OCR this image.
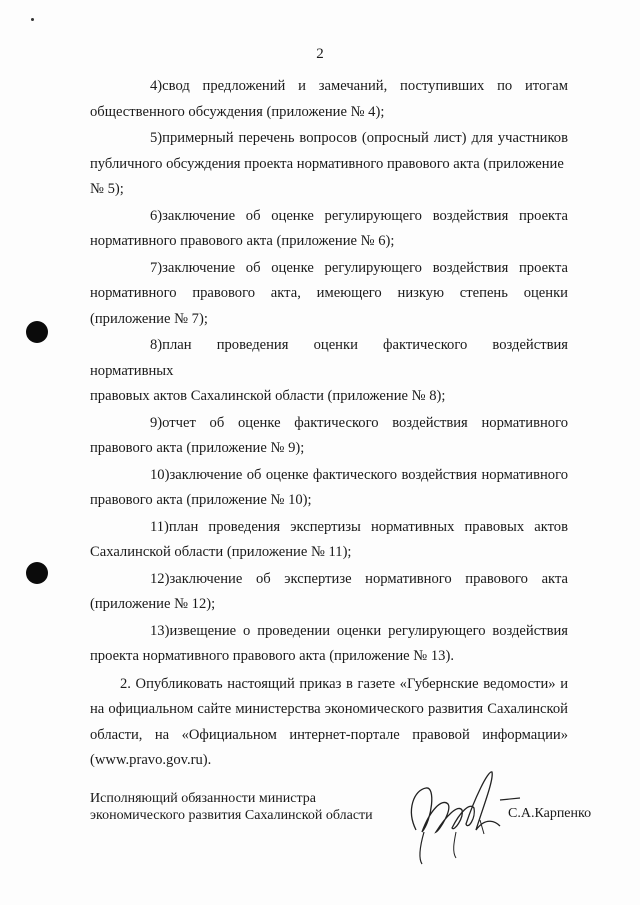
2
4)свод предложений и замечаний, поступивших по итогам
общественного обсуждения (приложение № 4);
5)примерный перечень вопросов (опросный лист) для участников
публичного обсуждения проекта нормативного правового акта (приложение № 5);
6)заключение об оценке регулирующего воздействия проекта
нормативного правового акта (приложение № 6);
7)заключение об оценке регулирующего воздействия проекта
нормативного правового акта, имеющего низкую степень оценки
(приложение № 7);
8)план проведения оценки фактического воздействия нормативных
правовых актов Сахалинской области (приложение № 8);
9)отчет об оценке фактического воздействия нормативного
правового акта (приложение № 9);
10)заключение об оценке фактического воздействия нормативного
правового акта (приложение № 10);
11)план проведения экспертизы нормативных правовых актов
Сахалинской области (приложение № 11);
12)заключение об экспертизе нормативного правового акта
(приложение № 12);
13)извещение о проведении оценки регулирующего воздействия
проекта нормативного правового акта (приложение № 13).
2. Опубликовать настоящий приказ в газете «Губернские ведомости» и
на официальном сайте министерства экономического развития Сахалинской
области, на «Официальном интернет-портале правовой информации»
(www.pravo.gov.ru).
Исполняющий обязанности министра
экономического развития Сахалинской области	С.А.Карпенко
